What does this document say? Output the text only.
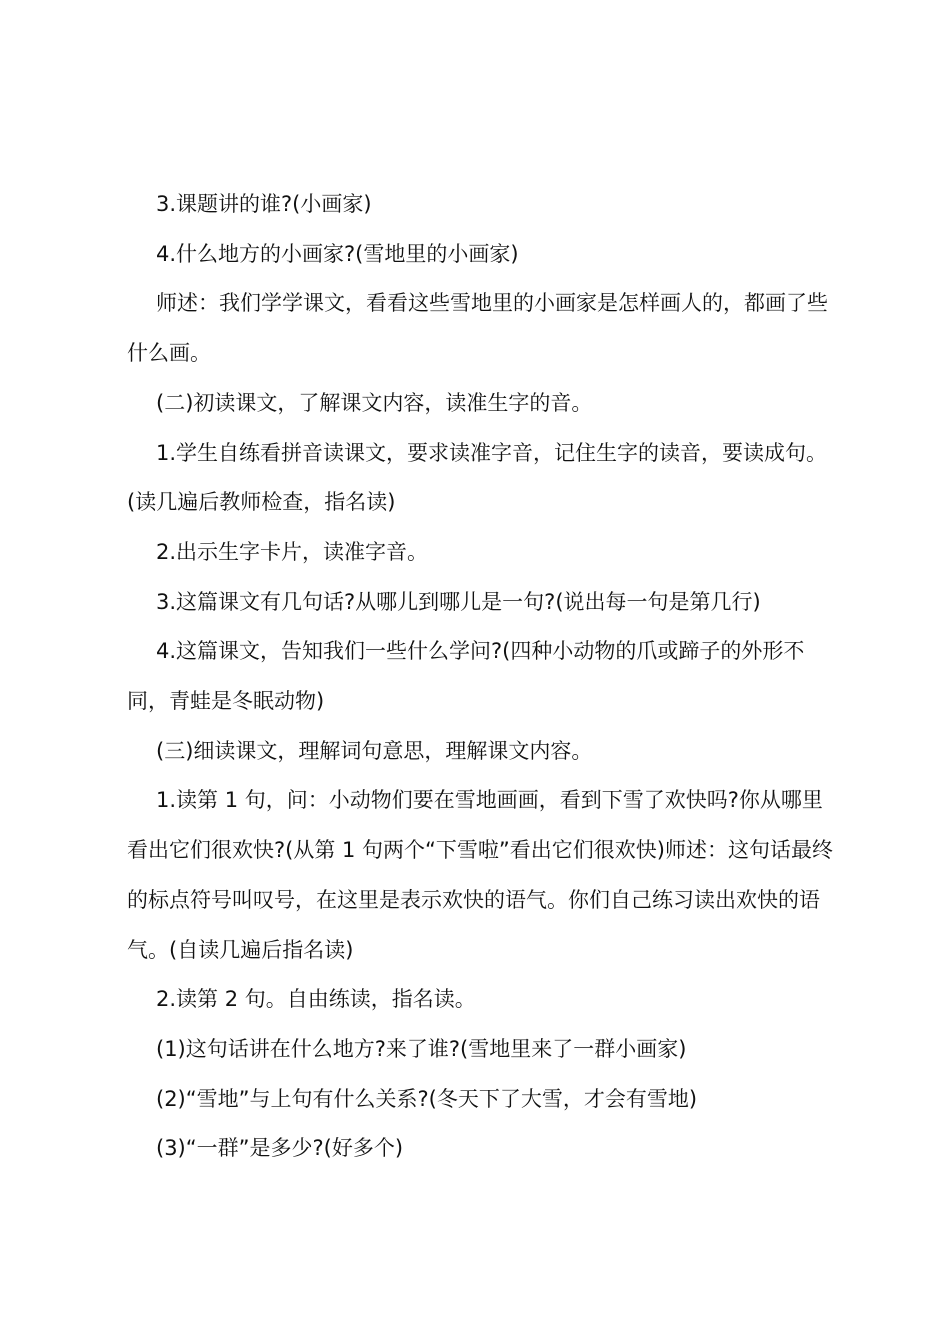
3.课题讲的谁?(小画家)

4.什么地方的小画家?(雪地里的小画家)

师述：我们学学课文，看看这些雪地里的小画家是怎样画人的，都画了些什么画。

(二)初读课文，了解课文内容，读准生字的音。

1.学生自练看拼音读课文，要求读准字音，记住生字的读音，要读成句。(读几遍后教师检查，指名读)

2.出示生字卡片，读准字音。

3.这篇课文有几句话?从哪儿到哪儿是一句?(说出每一句是第几行)

4.这篇课文，告知我们一些什么学问?(四种小动物的爪或蹄子的外形不同，青蛙是冬眠动物)

(三)细读课文，理解词句意思，理解课文内容。

1.读第 1 句，问：小动物们要在雪地画画，看到下雪了欢快吗?你从哪里看出它们很欢快?(从第 1 句两个“下雪啦”看出它们很欢快)师述：这句话最终的标点符号叫叹号，在这里是表示欢快的语气。你们自己练习读出欢快的语气。(自读几遍后指名读)

2.读第 2 句。自由练读，指名读。

(1)这句话讲在什么地方?来了谁?(雪地里来了一群小画家)

(2)“雪地”与上句有什么关系?(冬天下了大雪，才会有雪地)

(3)“一群”是多少?(好多个)
